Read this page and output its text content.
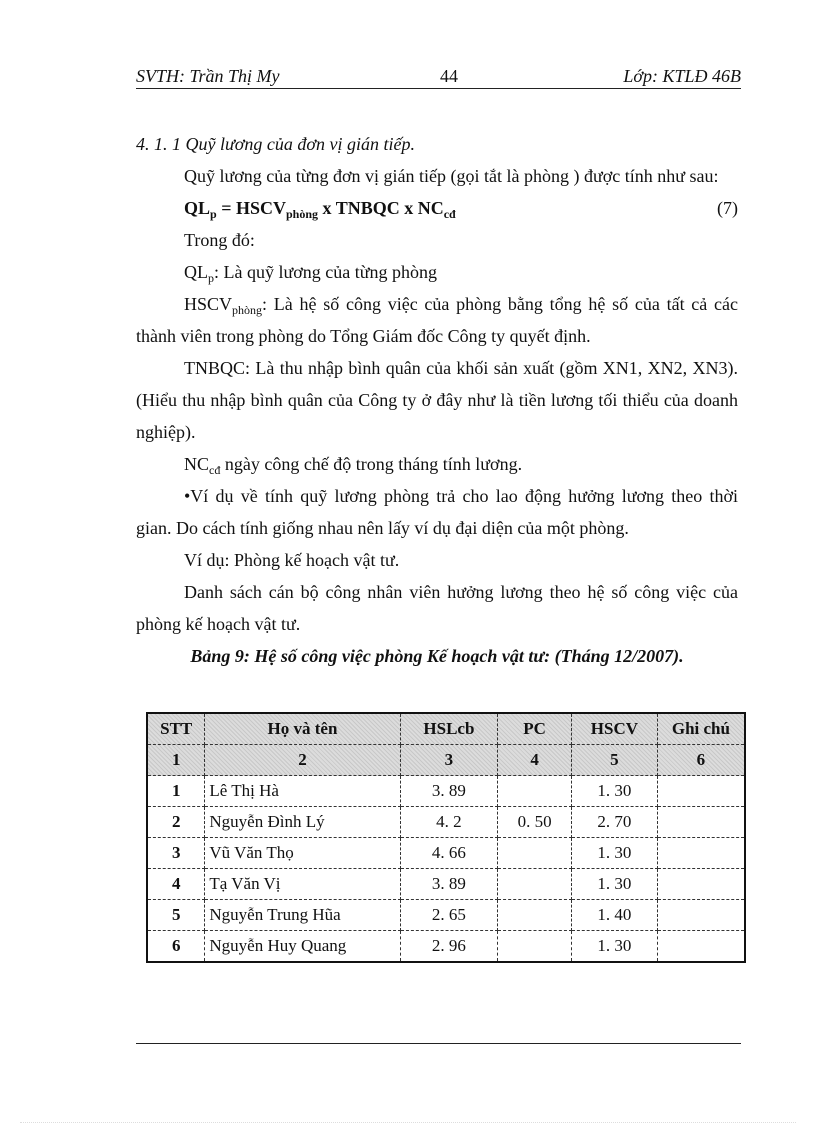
SVTH: Trần Thị My	44	Lớp: KTLĐ 46B

4. 1. 1 Quỹ lương của đơn vị gián tiếp.

Quỹ lương của từng đơn vị gián tiếp (gọi tắt là phòng ) được tính như sau:

$QL_p$ = $HSCV_{phòng}$ x TNBQC x $NC_{cđ}$	(7)

Trong đó:

$QL_p$: Là quỹ lương của từng phòng

$HSCV_{phòng}$: Là hệ số công việc của phòng bằng tổng hệ số của tất cả các thành viên trong phòng do Tổng Giám đốc Công ty quyết định.

TNBQC: Là thu nhập bình quân của khối sản xuất (gồm XN1, XN2, XN3). (Hiểu thu nhập bình quân của Công ty ở đây như là tiền lương tối thiểu của doanh nghiệp).

$NC_{cđ}$ ngày công chế độ trong tháng tính lương.

•Ví dụ về tính quỹ lương phòng trả cho lao động hưởng lương theo thời gian. Do cách tính giống nhau nên lấy ví dụ đại diện của một phòng.

Ví dụ: Phòng kế hoạch vật tư.

Danh sách cán bộ công nhân viên hưởng lương theo hệ số công việc của phòng kế hoạch vật tư.

Bảng 9: Hệ số công việc phòng Kế hoạch vật tư: (Tháng 12/2007).

STT	Họ và tên	HSLcb	PC	HSCV	Ghi chú
1	2	3	4	5	6
1	Lê Thị Hà	3. 89		1. 30	
2	Nguyễn Đình Lý	4. 2	0. 50	2. 70	
3	Vũ Văn Thọ	4. 66		1. 30	
4	Tạ Văn Vị	3. 89		1. 30	
5	Nguyễn Trung Hũa	2. 65		1. 40	
6	Nguyễn Huy Quang	2. 96		1. 30	
